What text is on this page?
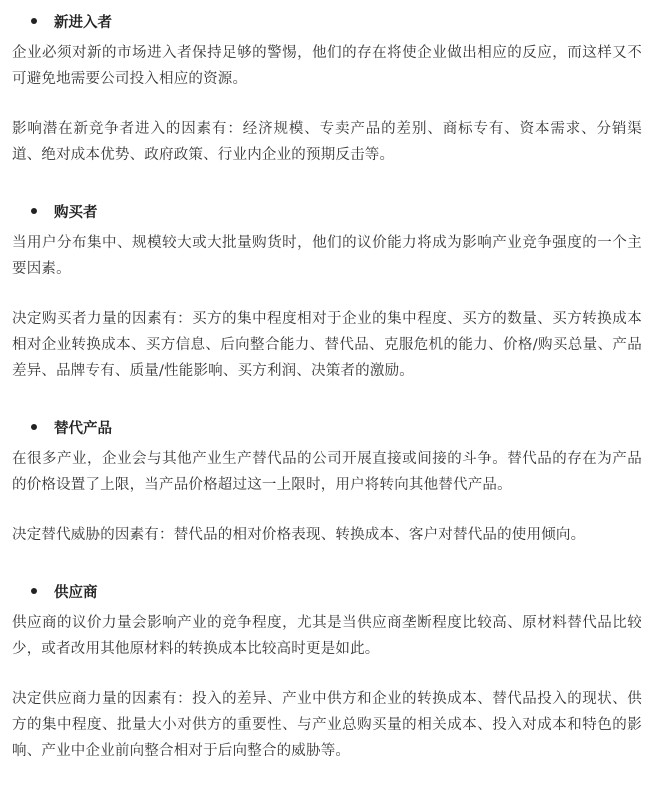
新进入者

企业必须对新的市场进入者保持足够的警惕，他们的存在将使企业做出相应的反应，而这样又不可避免地需要公司投入相应的资源。

影响潜在新竞争者进入的因素有：经济规模、专卖产品的差别、商标专有、资本需求、分销渠道、绝对成本优势、政府政策、行业内企业的预期反击等。

购买者

当用户分布集中、规模较大或大批量购货时，他们的议价能力将成为影响产业竞争强度的一个主要因素。

决定购买者力量的因素有：买方的集中程度相对于企业的集中程度、买方的数量、买方转换成本相对企业转换成本、买方信息、后向整合能力、替代品、克服危机的能力、价格/购买总量、产品差异、品牌专有、质量/性能影响、买方利润、决策者的激励。

替代产品

在很多产业，企业会与其他产业生产替代品的公司开展直接或间接的斗争。替代品的存在为产品的价格设置了上限，当产品价格超过这一上限时，用户将转向其他替代产品。

决定替代威胁的因素有：替代品的相对价格表现、转换成本、客户对替代品的使用倾向。

供应商

供应商的议价力量会影响产业的竞争程度，尤其是当供应商垄断程度比较高、原材料替代品比较少，或者改用其他原材料的转换成本比较高时更是如此。

决定供应商力量的因素有：投入的差异、产业中供方和企业的转换成本、替代品投入的现状、供方的集中程度、批量大小对供方的重要性、与产业总购买量的相关成本、投入对成本和特色的影响、产业中企业前向整合相对于后向整合的威胁等。
